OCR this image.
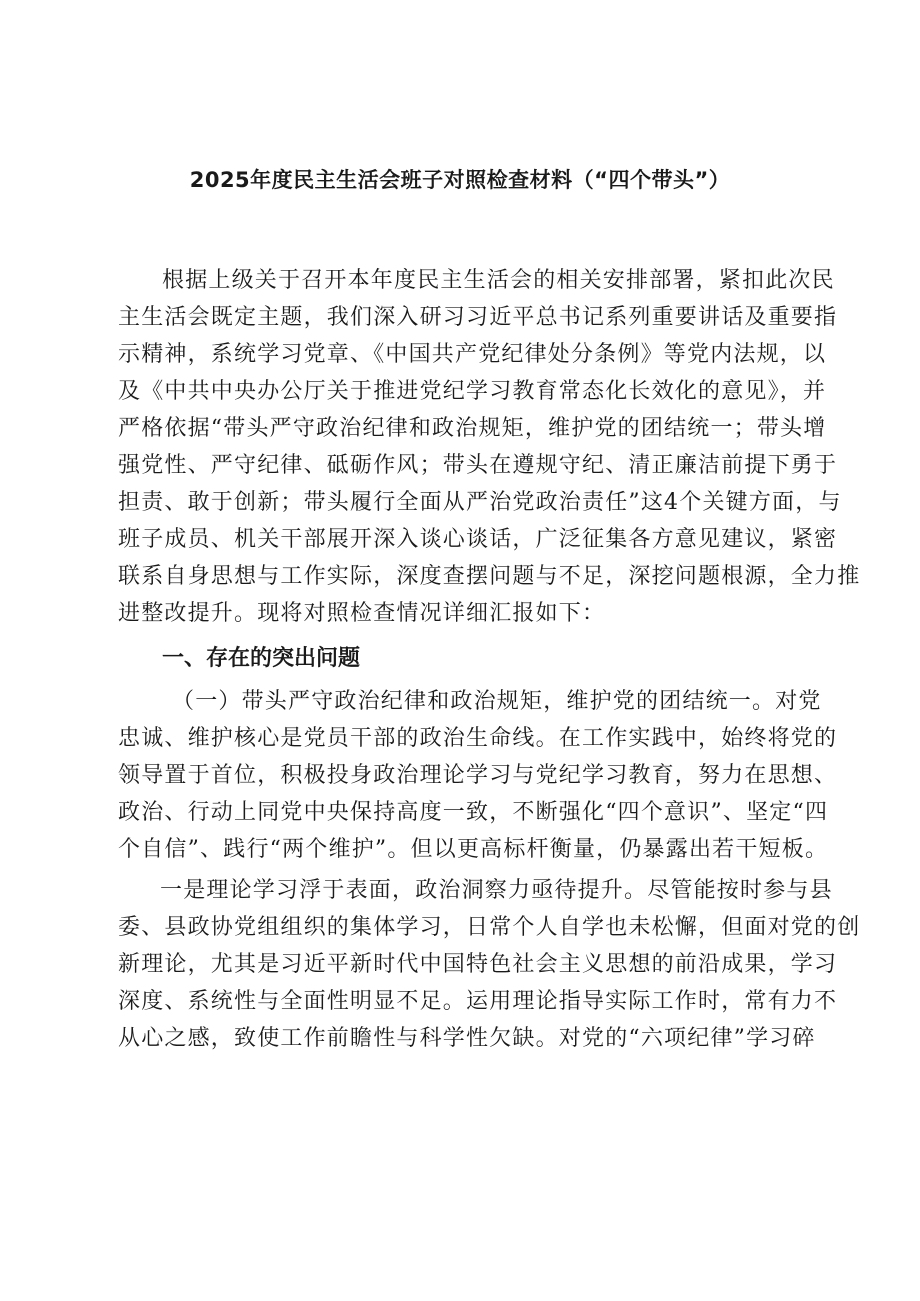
2025年度民主生活会班子对照检查材料（“四个带头”）

根据上级关于召开本年度民主生活会的相关安排部署，紧扣此次民

主生活会既定主题，我们深入研习习近平总书记系列重要讲话及重要指

示精神，系统学习党章、《中国共产党纪律处分条例》等党内法规，以

及《中共中央办公厅关于推进党纪学习教育常态化长效化的意见》，并

严格依据“带头严守政治纪律和政治规矩，维护党的团结统一；带头增

强党性、严守纪律、砥砺作风；带头在遵规守纪、清正廉洁前提下勇于

担责、敢于创新；带头履行全面从严治党政治责任”这4个关键方面，与

班子成员、机关干部展开深入谈心谈话，广泛征集各方意见建议，紧密

联系自身思想与工作实际，深度查摆问题与不足，深挖问题根源，全力推

进整改提升。现将对照检查情况详细汇报如下：

一、存在的突出问题

（一）带头严守政治纪律和政治规矩，维护党的团结统一。对党

忠诚、维护核心是党员干部的政治生命线。在工作实践中，始终将党的

领导置于首位，积极投身政治理论学习与党纪学习教育，努力在思想、

政治、行动上同党中央保持高度一致，不断强化“四个意识”、坚定“四

个自信”、践行“两个维护”。但以更高标杆衡量，仍暴露出若干短板。

一是理论学习浮于表面，政治洞察力亟待提升。尽管能按时参与县

委、县政协党组组织的集体学习，日常个人自学也未松懈，但面对党的创

新理论，尤其是习近平新时代中国特色社会主义思想的前沿成果，学习

深度、系统性与全面性明显不足。运用理论指导实际工作时，常有力不

从心之感，致使工作前瞻性与科学性欠缺。对党的“六项纪律”学习碎
